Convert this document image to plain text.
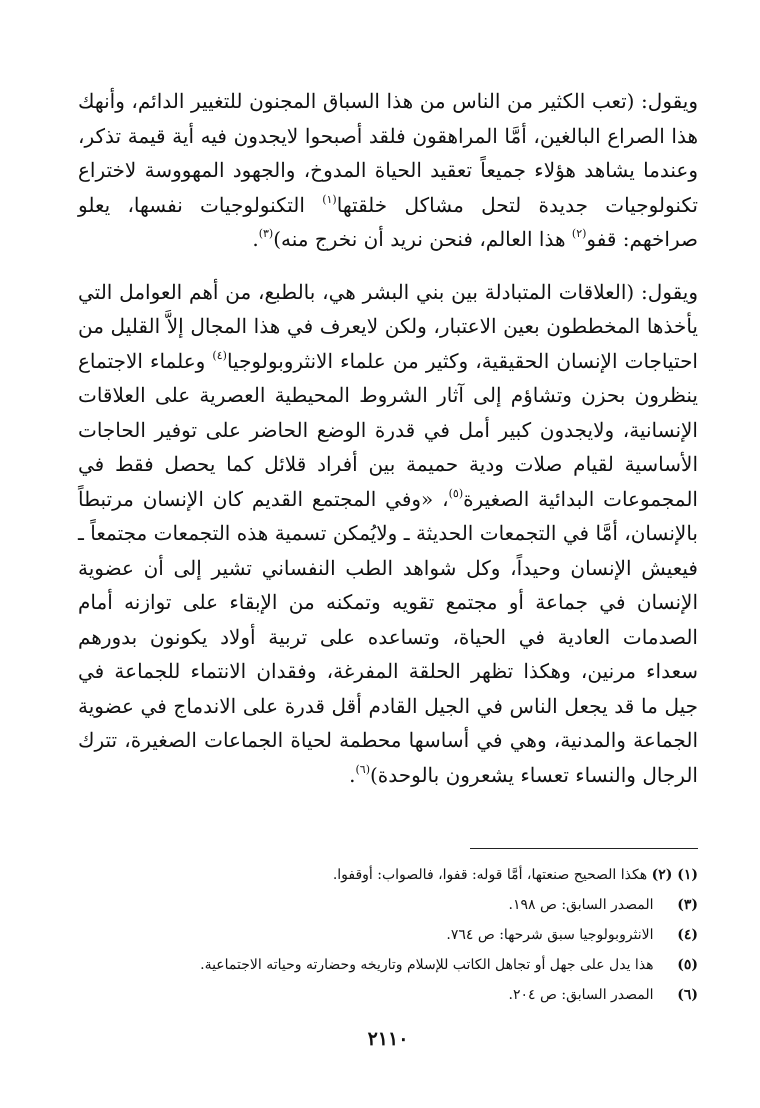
ويقول: (تعب الكثير من الناس من هذا السباق المجنون للتغيير الدائم، وأنهك هذا الصراع البالغين، أمَّا المراهقون فلقد أصبحوا لايجدون فيه أية قيمة تذكر، وعندما يشاهد هؤلاء جميعاً تعقيد الحياة المدوخ، والجهود المهووسة لاختراع تكنولوجيات جديدة لتحل مشاكل خلقتها$^{(١)}$ التكنولوجيات نفسها، يعلو صراخهم: قفو$^{(٢)}$ هذا العالم، فنحن نريد أن نخرج منه)$^{(٣)}$.

ويقول: (العلاقات المتبادلة بين بني البشر هي، بالطبع، من أهم العوامل التي يأخذها المخططون بعين الاعتبار، ولكن لايعرف في هذا المجال إلاَّ القليل من احتياجات الإنسان الحقيقية، وكثير من علماء الانثروبولوجيا$^{(٤)}$ وعلماء الاجتماع ينظرون بحزن وتشاؤم إلى آثار الشروط المحيطية العصرية على العلاقات الإنسانية، ولايجدون كبير أمل في قدرة الوضع الحاضر على توفير الحاجات الأساسية لقيام صلات ودية حميمة بين أفراد قلائل كما يحصل فقط في المجموعات البدائية الصغيرة$^{(٥)}$، «وفي المجتمع القديم كان الإنسان مرتبطاً بالإنسان، أمَّا في التجمعات الحديثة ـ ولايُمكن تسمية هذه التجمعات مجتمعاً ـ فيعيش الإنسان وحيداً، وكل شواهد الطب النفساني تشير إلى أن عضوية الإنسان في جماعة أو مجتمع تقويه وتمكنه من الإبقاء على توازنه أمام الصدمات العادية في الحياة، وتساعده على تربية أولاد يكونون بدورهم سعداء مرنين، وهكذا تظهر الحلقة المفرغة، وفقدان الانتماء للجماعة في جيل ما قد يجعل الناس في الجيل القادم أقل قدرة على الاندماج في عضوية الجماعة والمدنية، وهي في أساسها محطمة لحياة الجماعات الصغيرة، تترك الرجال والنساء تعساء يشعرون بالوحدة)$^{(٦)}$.

(١) (٢) هكذا الصحيح صنعتها، أمَّا قوله: قفوا، فالصواب: أوقفوا.
(٣) المصدر السابق: ص ١٩٨.
(٤) الانثروبولوجيا سبق شرحها: ص ٧٦٤.
(٥) هذا يدل على جهل أو تجاهل الكاتب للإسلام وتاريخه وحضارته وحياته الاجتماعية.
(٦) المصدر السابق: ص ٢٠٤.
٢١١٠
